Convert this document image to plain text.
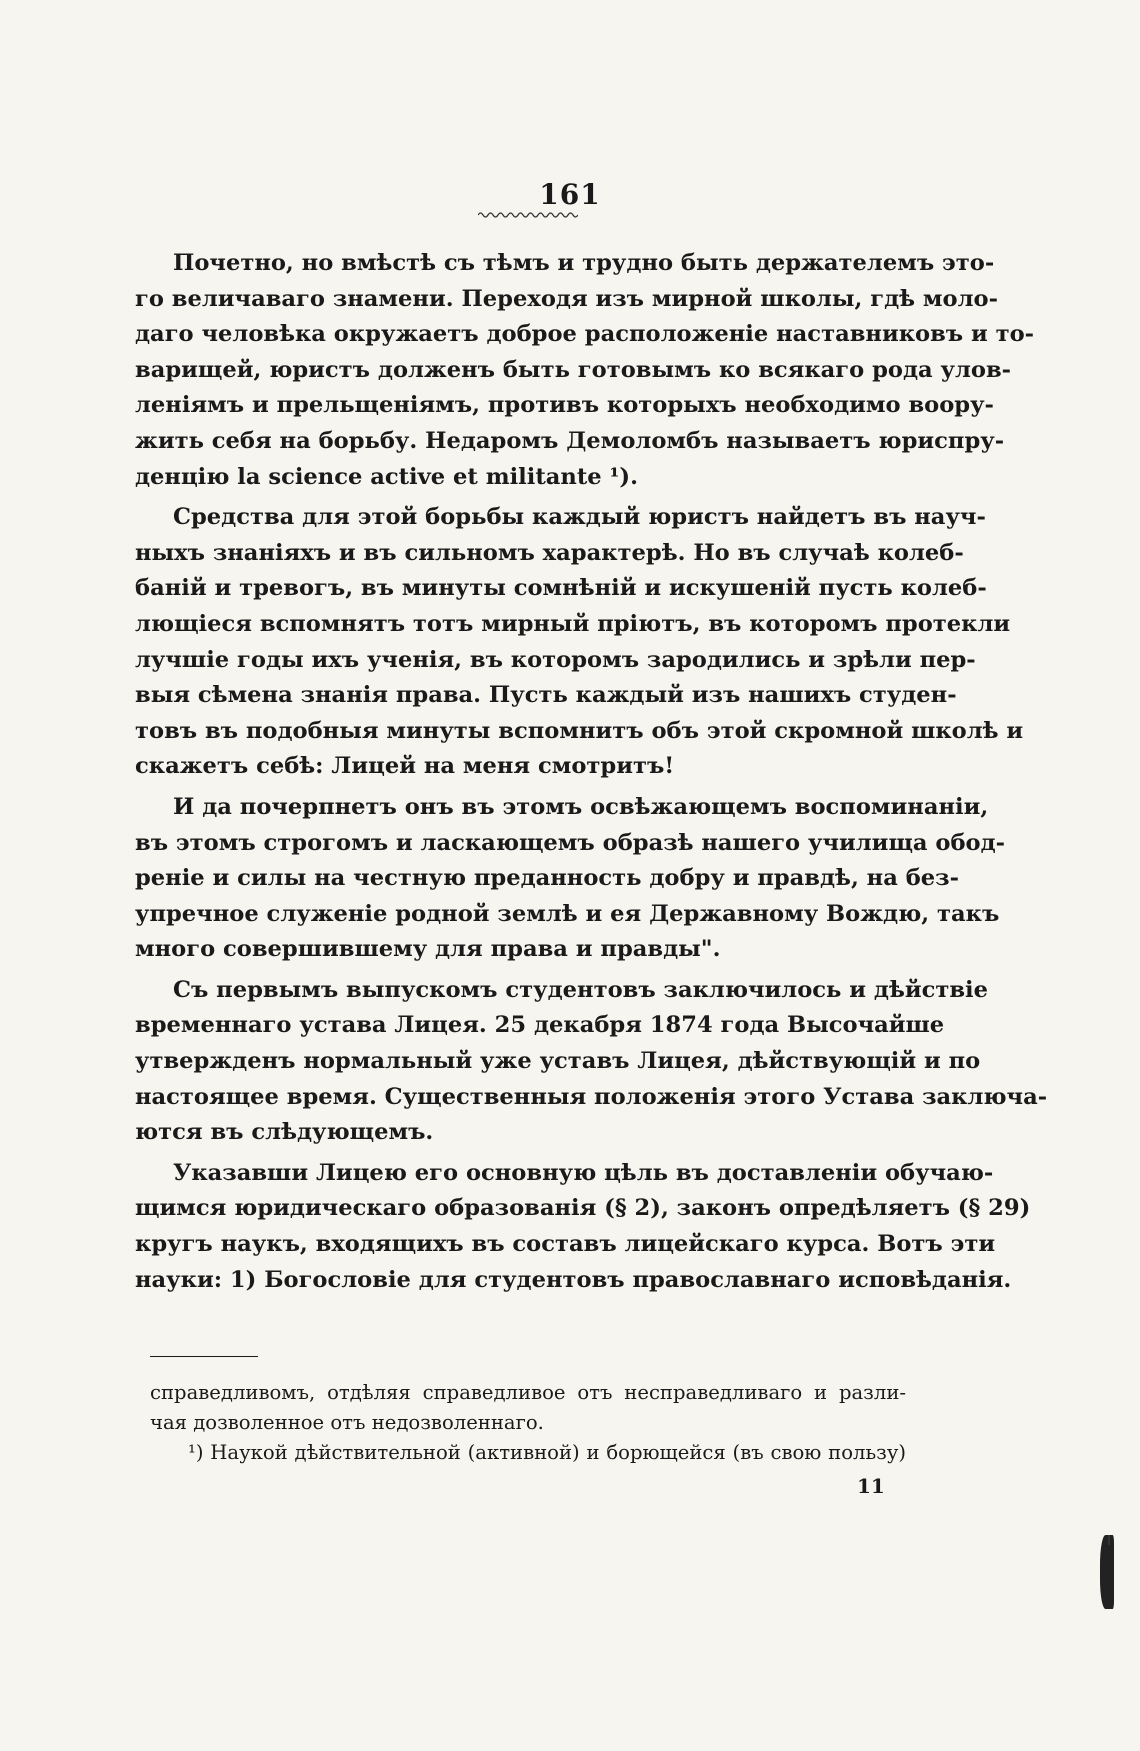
161
Почетно, но вмѣстѣ съ тѣмъ и трудно быть держателемъ это-
го величаваго знамени. Переходя изъ мирной школы, гдѣ моло-
даго человѣка окружаетъ доброе расположеніе наставниковъ и то-
варищей, юристъ долженъ быть готовымъ ко всякаго рода улов-
леніямъ и прельщеніямъ, противъ которыхъ необходимо воору-
жить себя на борьбу. Недаромъ Демоломбъ называетъ юриспру-
денцію la science active et militante ¹).
Средства для этой борьбы каждый юристъ найдетъ въ науч-
ныхъ знаніяхъ и въ сильномъ характерѣ. Но въ случаѣ колеб-
баній и тревогъ, въ минуты сомнѣній и искушеній пусть колеб-
лющіеся вспомнятъ тотъ мирный пріютъ, въ которомъ протекли
лучшіе годы ихъ ученія, въ которомъ зародились и зрѣли пер-
выя сѣмена знанія права. Пусть каждый изъ нашихъ студен-
товъ въ подобныя минуты вспомнитъ объ этой скромной школѣ и
скажетъ себѣ: Лицей на меня смотритъ!
И да почерпнетъ онъ въ этомъ освѣжающемъ воспоминаніи,
въ этомъ строгомъ и ласкающемъ образѣ нашего училища обод-
реніе и силы на честную преданность добру и правдѣ, на без-
упречное служеніе родной землѣ и ея Державному Вождю, такъ
много совершившему для права и правды".
Съ первымъ выпускомъ студентовъ заключилось и дѣйствіе
временнаго устава Лицея. 25 декабря 1874 года Высочайше
утвержденъ нормальный уже уставъ Лицея, дѣйствующій и по
настоящее время. Существенныя положенія этого Устава заключа-
ются въ слѣдующемъ.
Указавши Лицею его основную цѣль въ доставленіи обучаю-
щимся юридическаго образованія (§ 2), законъ опредѣляетъ (§ 29)
кругъ наукъ, входящихъ въ составъ лицейскаго курса. Вотъ эти
науки: 1) Богословіе для студентовъ православнаго исповѣданія.
справедливомъ, отдѣляя справедливое отъ несправедливаго и разли-
чая дозволенное отъ недозволеннаго.
¹) Наукой дѣйствительной (активной) и борющейся (въ свою пользу)
11
